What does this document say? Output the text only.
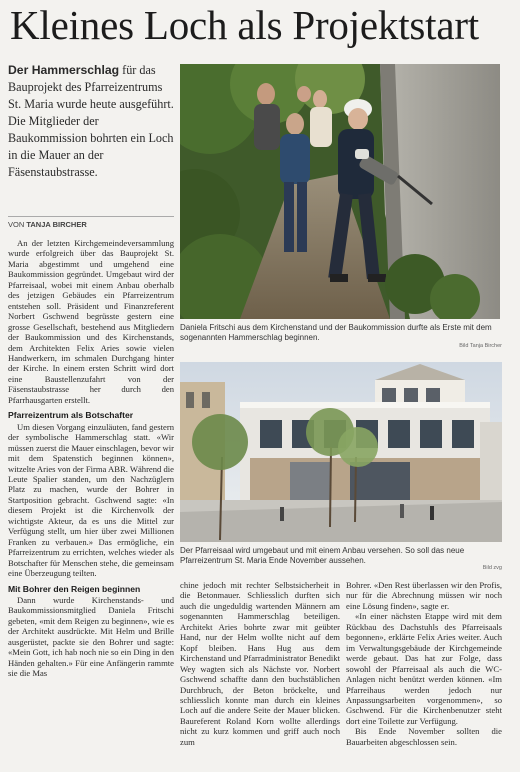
Kleines Loch als Projektstart
Der Hammerschlag für das Bauprojekt des Pfarreizentrums St. Maria wurde heute ausgeführt. Die Mitglieder der Baukommission bohrten ein Loch in die Mauer an der Fäsenstaubstrasse.
VON TANJA BIRCHER

An der letzten Kirchgemeindeversammlung wurde erfolgreich über das Bauprojekt St. Maria abgestimmt und umgehend eine Baukommission gegründet. Umgebaut wird der Pfarreisaal, wobei mit einem Anbau oberhalb des jetzigen Gebäudes ein Pfarreizentrum entstehen soll. Präsident und Finanzreferent Norbert Gschwend begrüsste gestern eine grosse Gesellschaft, bestehend aus Mitgliedern der Baukommission und des Kirchenstands, dem Architekten Felix Aries sowie vielen Handwerkern, im schmalen Durchgang hinter der Kirche. In einem ersten Schritt wird dort eine Baustellenzufahrt von der Fäsenstaubstrasse her durch den Pfarrhausgarten erstellt.

Pfarreizentrum als Botschafter

Um diesen Vorgang einzuläuten, fand gestern der symbolische Hammerschlag statt. «Wir müssen zuerst die Mauer einschlagen, bevor wir mit dem Spatenstich beginnen können», witzelte Aries von der Firma ABR. Während die Leute Spalier standen, um den Nachzüglern Platz zu machen, wurde der Bohrer in Startposition gebracht. Gschwend sagte: «In diesem Projekt ist die Kirchenvolk der wichtigste Akteur, da es uns die Mittel zur Verfügung stellt, um hier über zwei Millionen Franken zu verbauen.» Das ermögliche, ein Pfarreizentrum zu errichten, welches wieder als Botschafter für Menschen stehe, die gemeinsam eine Überzeugung teilten.

Mit Bohrer den Reigen beginnen

Dann wurde Kirchenstands- und Baukommissionsmitglied Daniela Fritschi gebeten, «mit dem Reigen zu beginnen», wie es der Architekt ausdrückte. Mit Helm und Brille ausgerüstet, packte sie den Bohrer und sagte: «Mein Gott, ich hab noch nie so ein Ding in den Händen gehalten.» Für eine Anfängerin rammte sie die Mas

chine jedoch mit rechter Selbstsicherheit in die Betonmauer. Schliesslich durften sich auch die ungeduldig wartenden Männern am sogenannten Hammerschlag beteiligen. Architekt Aries bohrte zwar mit geübter Hand, nur der Helm wollte nicht auf dem Kopf bleiben. Hans Hug aus dem Kirchenstand und Pfarradministrator Benedikt Wey wagten sich als Nächste vor. Norbert Gschwend schaffte dann den buchstäblichen Durchbruch, der Beton bröckelte, und schliesslich konnte man durch ein kleines Loch auf die andere Seite der Mauer blicken. Baureferent Roland Korn wollte allerdings nicht zu kurz kommen und griff auch noch zum

Bohrer. «Den Rest überlassen wir den Profis, nur für die Abrechnung müssen wir noch eine Lösung finden», sagte er.

«In einer nächsten Etappe wird mit dem Rückbau des Dachstuhls des Pfarreisaals begonnen», erklärte Felix Aries weiter. Auch im Verwaltungsgebäude der Kirchgemeinde werde gebaut. Das hat zur Folge, dass sowohl der Pfarreisaal als auch die WC-Anlagen nicht benützt werden können. «Im Pfarreihaus werden jedoch nur Anpassungsarbeiten vorgenommen», so Gschwend. Für die Kirchenbenutzer steht dort eine Toilette zur Verfügung.

Bis Ende November sollten die Bauarbeiten abgeschlossen sein.

Daniela Fritschi aus dem Kirchenstand und der Baukommission durfte als Erste mit dem sogenannten Hammerschlag beginnen.
Bild Tanja Bircher
Der Pfarreisaal wird umgebaut und mit einem Anbau versehen. So soll das neue Pfarreizentrum St. Maria Ende November aussehen.
Bild zvg
